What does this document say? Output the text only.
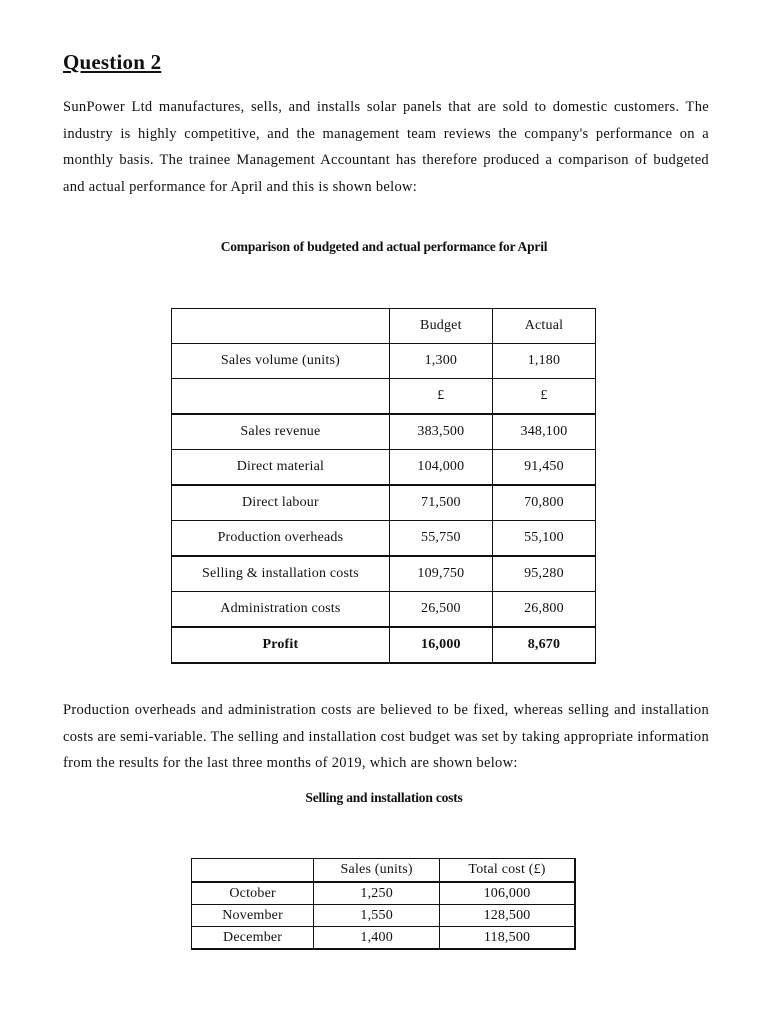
Question 2
SunPower Ltd manufactures, sells, and installs solar panels that are sold to domestic customers. The industry is highly competitive, and the management team reviews the company's performance on a monthly basis. The trainee Management Accountant has therefore produced a comparison of budgeted and actual performance for April and this is shown below:
Comparison of budgeted and actual performance for April
	Budget	Actual
Sales volume (units)	1,300	1,180
	£	£
Sales revenue	383,500	348,100
Direct material	104,000	91,450
Direct labour	71,500	70,800
Production overheads	55,750	55,100
Selling & installation costs	109,750	95,280
Administration costs	26,500	26,800
Profit	16,000	8,670
Production overheads and administration costs are believed to be fixed, whereas selling and installation costs are semi-variable. The selling and installation cost budget was set by taking appropriate information from the results for the last three months of 2019, which are shown below:
Selling and installation costs
	Sales (units)	Total cost (£)
October	1,250	106,000
November	1,550	128,500
December	1,400	118,500
